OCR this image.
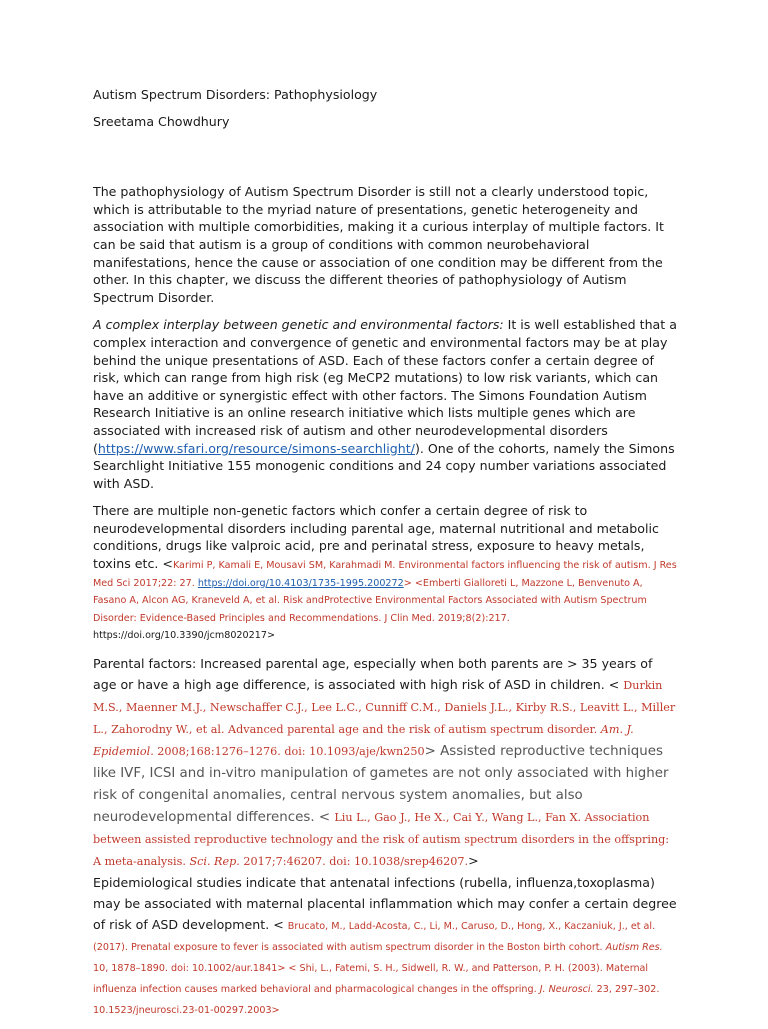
Autism Spectrum Disorders: Pathophysiology
Sreetama Chowdhury

The pathophysiology of Autism Spectrum Disorder is still not a clearly understood topic, which is attributable to the myriad nature of presentations, genetic heterogeneity and association with multiple comorbidities, making it a curious interplay of multiple factors. It can be said that autism is a group of conditions with common neurobehavioral manifestations, hence the cause or association of one condition may be different from the other. In this chapter, we discuss the different theories of pathophysiology of Autism Spectrum Disorder.

A complex interplay between genetic and environmental factors: It is well established that a complex interaction and convergence of genetic and environmental factors may be at play behind the unique presentations of ASD. Each of these factors confer a certain degree of risk, which can range from high risk (eg MeCP2 mutations) to low risk variants, which can have an additive or synergistic effect with other factors. The Simons Foundation Autism Research Initiative is an online research initiative which lists multiple genes which are associated with increased risk of autism and other neurodevelopmental disorders (https://www.sfari.org/resource/simons-searchlight/). One of the cohorts, namely the Simons Searchlight Initiative 155 monogenic conditions and 24 copy number variations associated with ASD.

There are multiple non-genetic factors which confer a certain degree of risk to neurodevelopmental disorders including parental age, maternal nutritional and metabolic conditions, drugs like valproic acid, pre and perinatal stress, exposure to heavy metals, toxins etc. <Karimi P, Kamali E, Mousavi SM, Karahmadi M. Environmental factors influencing the risk of autism. J Res Med Sci 2017;22: 27. https://doi.org/10.4103/1735-1995.200272> <Emberti Gialloreti L, Mazzone L, Benvenuto A, Fasano A, Alcon AG, Kraneveld A, et al. Risk andProtective Environmental Factors Associated with Autism Spectrum Disorder: Evidence-Based Principles and Recommendations. J Clin Med. 2019;8(2):217.
https://doi.org/10.3390/jcm8020217>

Parental factors: Increased parental age, especially when both parents are > 35 years of age or have a high age difference, is associated with high risk of ASD in children. < Durkin M.S., Maenner M.J., Newschaffer C.J., Lee L.C., Cunniff C.M., Daniels J.L., Kirby R.S., Leavitt L., Miller L., Zahorodny W., et al. Advanced parental age and the risk of autism spectrum disorder. Am. J. Epidemiol. 2008;168:1276–1276. doi: 10.1093/aje/kwn250> Assisted reproductive techniques like IVF, ICSI and in-vitro manipulation of gametes are not only associated with higher risk of congenital anomalies, central nervous system anomalies, but also neurodevelopmental differences. < Liu L., Gao J., He X., Cai Y., Wang L., Fan X. Association between assisted reproductive technology and the risk of autism spectrum disorders in the offspring: A meta-analysis. Sci. Rep. 2017;7:46207. doi: 10.1038/srep46207.>
Epidemiological studies indicate that antenatal infections (rubella, influenza,toxoplasma) may be associated with maternal placental inflammation which may confer a certain degree of risk of ASD development. < Brucato, M., Ladd-Acosta, C., Li, M., Caruso, D., Hong, X., Kaczaniuk, J., et al. (2017). Prenatal exposure to fever is associated with autism spectrum disorder in the Boston birth cohort. Autism Res. 10, 1878–1890. doi: 10.1002/aur.1841> < Shi, L., Fatemi, S. H., Sidwell, R. W., and Patterson, P. H. (2003). Maternal influenza infection causes marked behavioral and pharmacological changes in the offspring. J. Neurosci. 23, 297–302. 10.1523/jneurosci.23-01-00297.2003>
